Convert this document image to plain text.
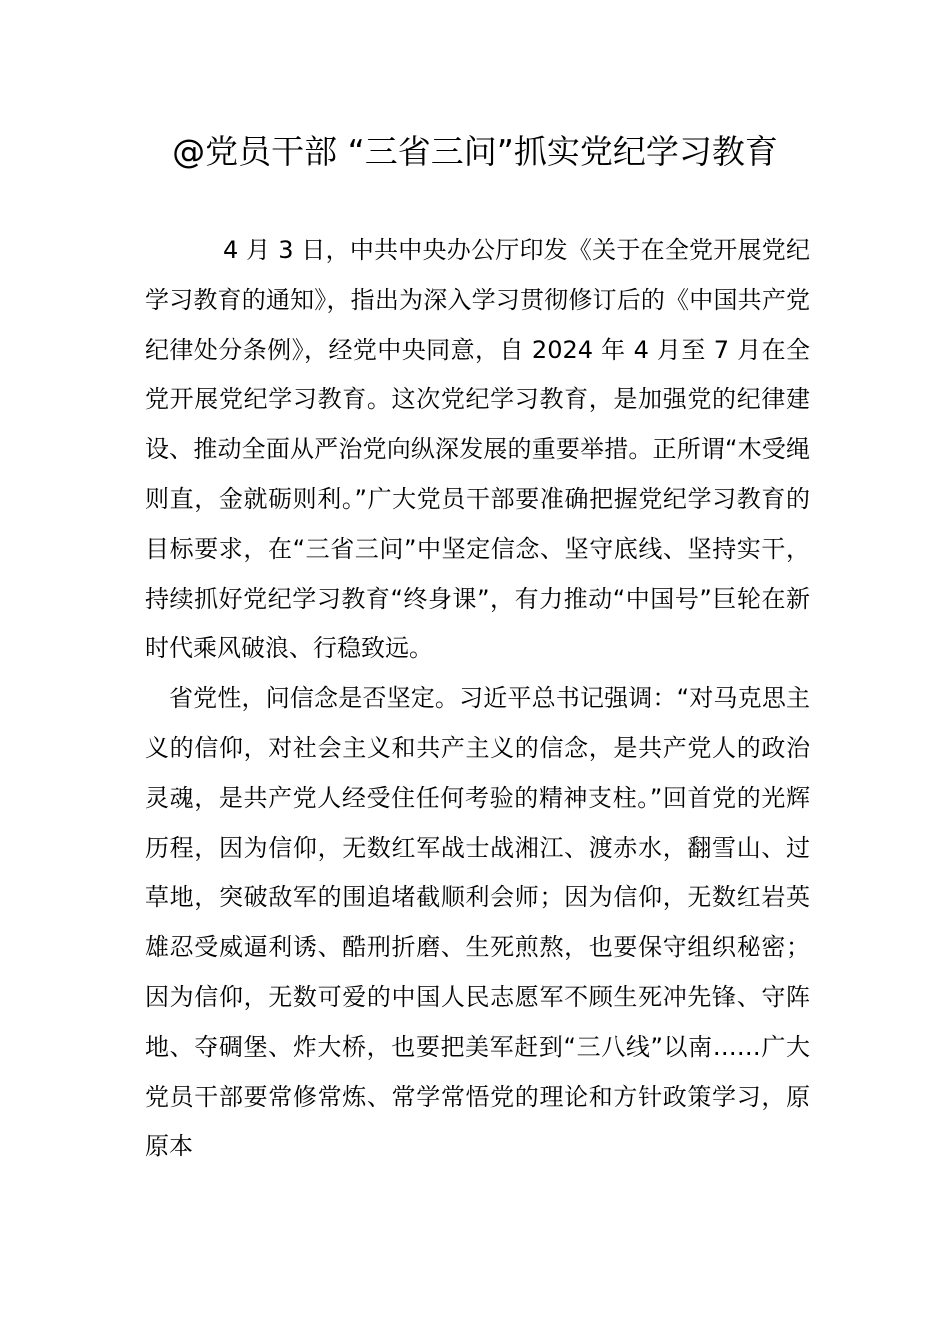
@党员干部 “三省三问”抓实党纪学习教育

4 月 3 日，中共中央办公厅印发《关于在全党开展党纪学习教育的通知》，指出为深入学习贯彻修订后的《中国共产党纪律处分条例》，经党中央同意，自 2024 年 4 月至 7 月在全党开展党纪学习教育。这次党纪学习教育，是加强党的纪律建设、推动全面从严治党向纵深发展的重要举措。正所谓“木受绳则直，金就砺则利。”广大党员干部要准确把握党纪学习教育的目标要求，在“三省三问”中坚定信念、坚守底线、坚持实干，持续抓好党纪学习教育“终身课”，有力推动“中国号”巨轮在新时代乘风破浪、行稳致远。

省党性，问信念是否坚定。习近平总书记强调：“对马克思主义的信仰，对社会主义和共产主义的信念，是共产党人的政治灵魂，是共产党人经受住任何考验的精神支柱。”回首党的光辉历程，因为信仰，无数红军战士战湘江、渡赤水，翻雪山、过草地，突破敌军的围追堵截顺利会师；因为信仰，无数红岩英雄忍受威逼利诱、酷刑折磨、生死煎熬，也要保守组织秘密；因为信仰，无数可爱的中国人民志愿军不顾生死冲先锋、守阵地、夺碉堡、炸大桥，也要把美军赶到“三八线”以南……广大党员干部要常修常炼、常学常悟党的理论和方针政策学习，原原本
